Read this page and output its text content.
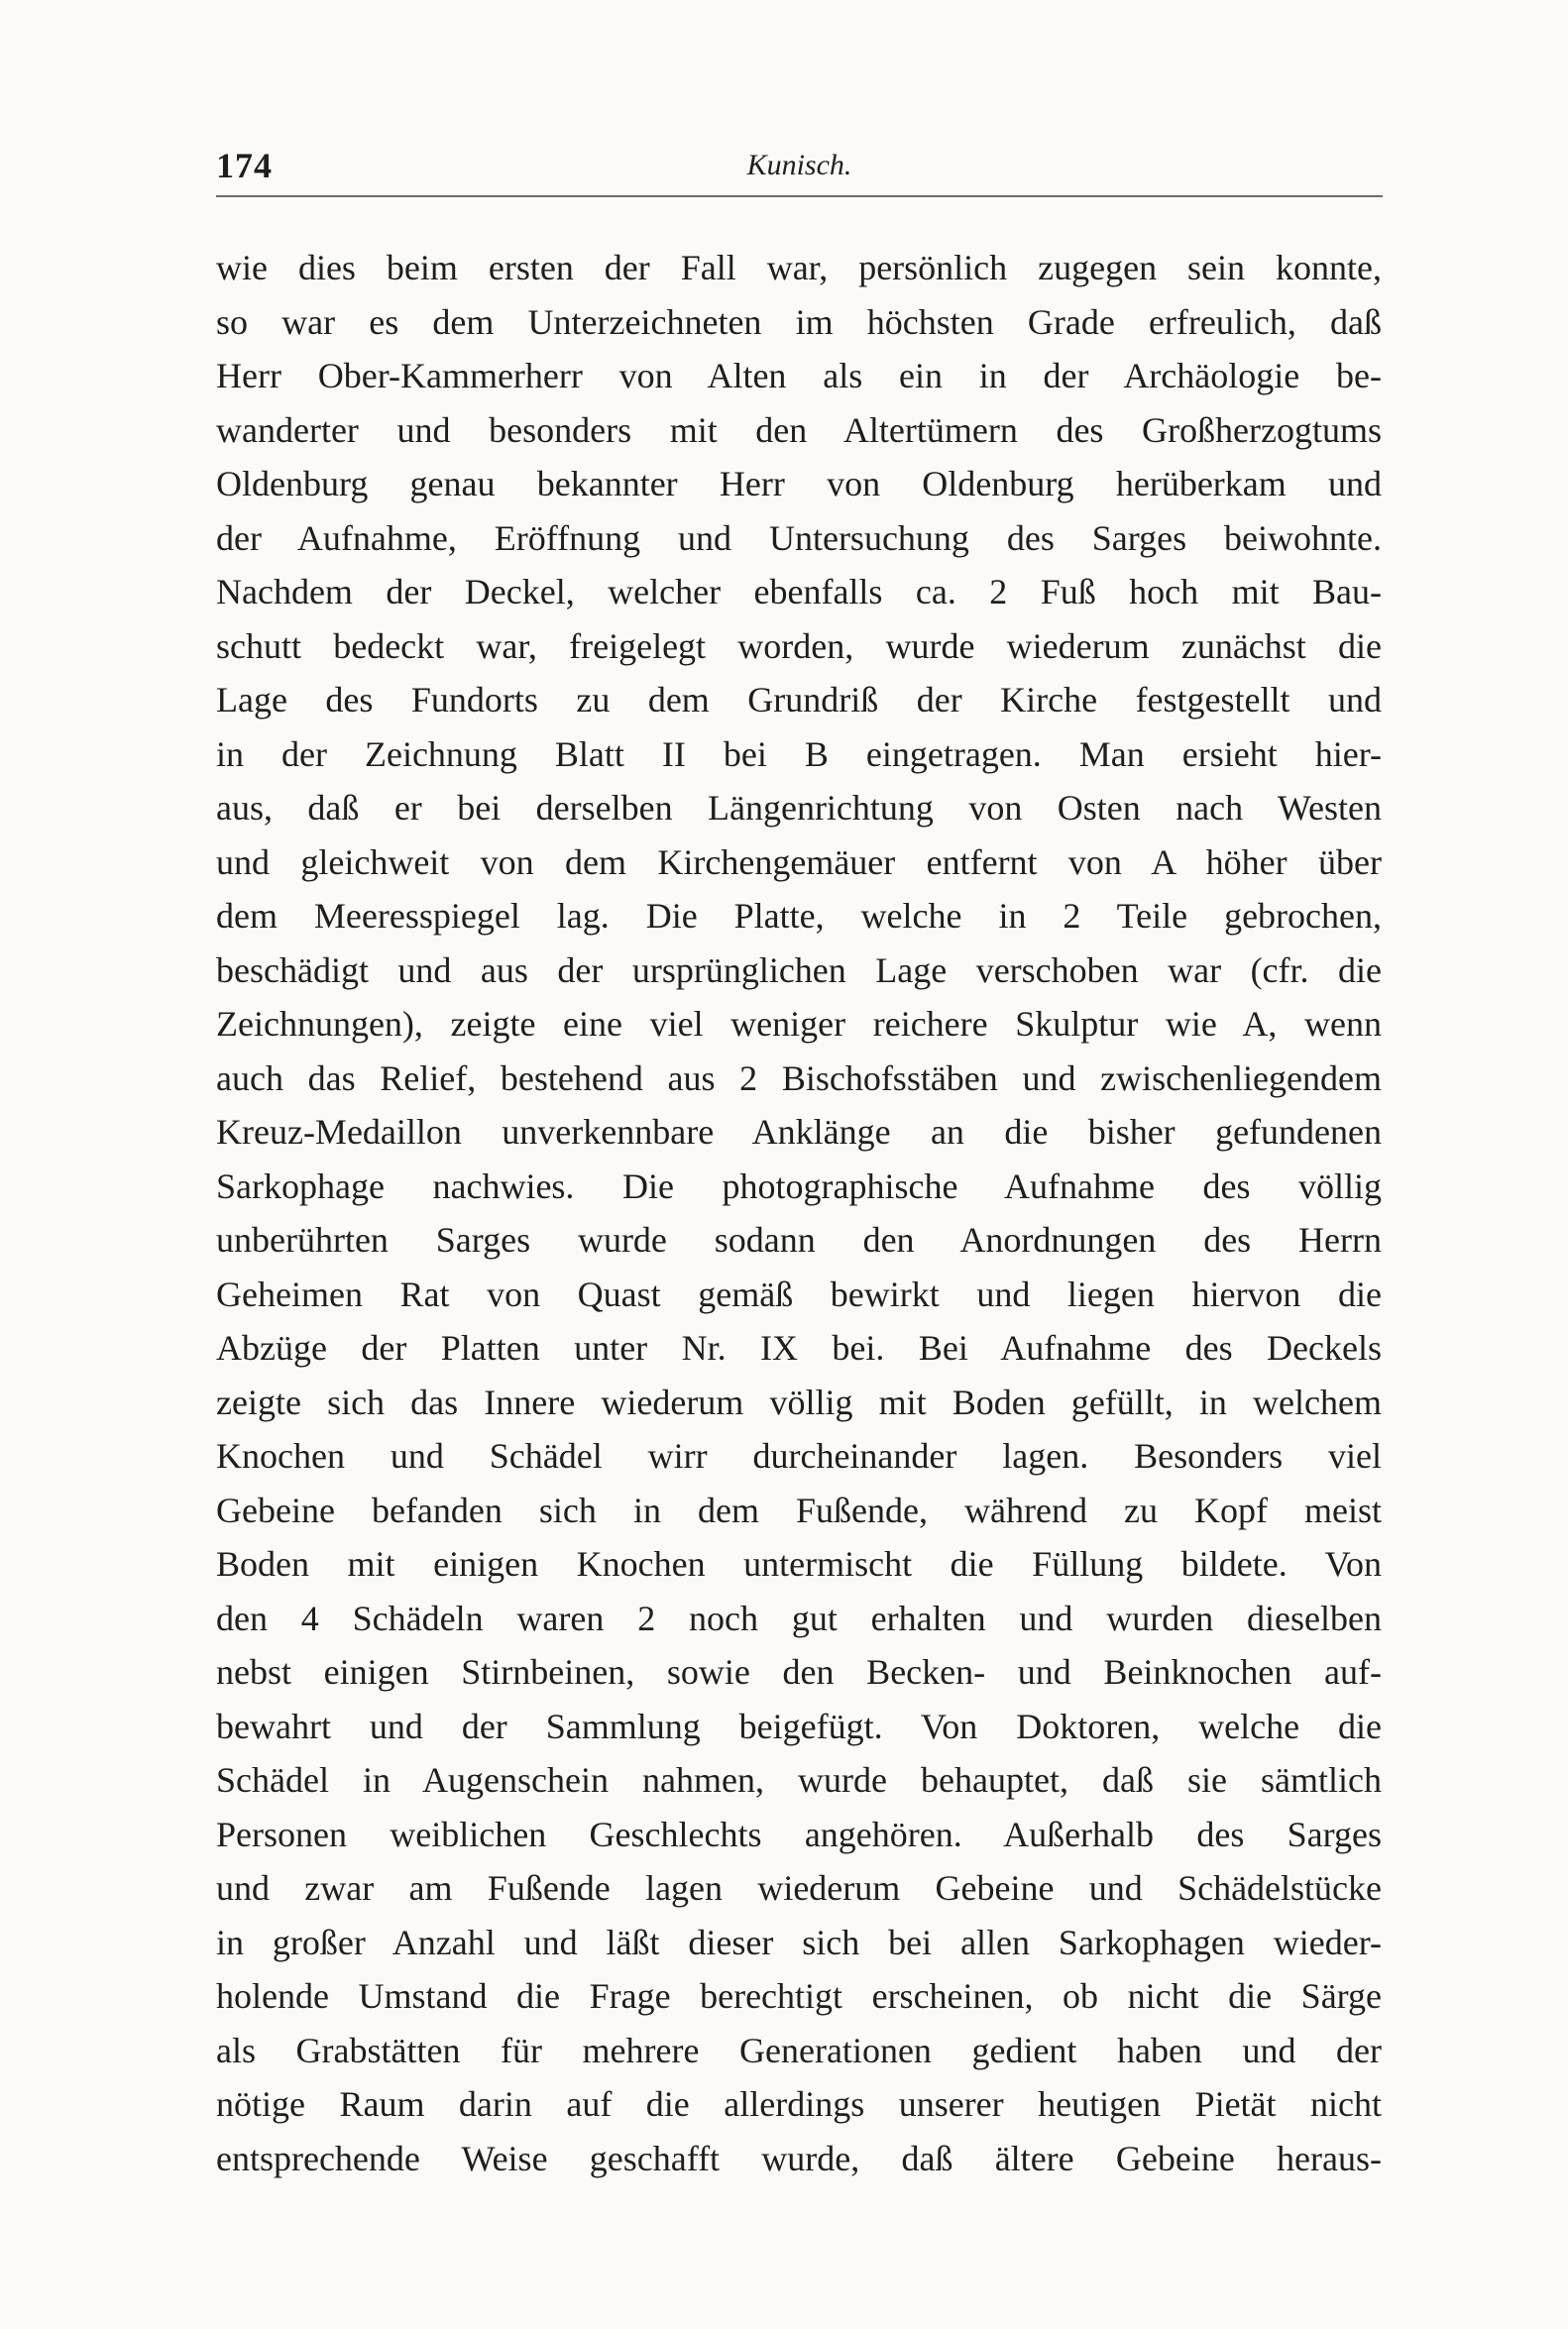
174	Kunisch.
wie dies beim ersten der Fall war, persönlich zugegen sein konnte,
so war es dem Unterzeichneten im höchsten Grade erfreulich, daß
Herr Ober-Kammerherr von Alten als ein in der Archäologie be-
wanderter und besonders mit den Altertümern des Großherzogtums
Oldenburg genau bekannter Herr von Oldenburg herüberkam und
der Aufnahme, Eröffnung und Untersuchung des Sarges beiwohnte.
Nachdem der Deckel, welcher ebenfalls ca. 2 Fuß hoch mit Bau-
schutt bedeckt war, freigelegt worden, wurde wiederum zunächst die
Lage des Fundorts zu dem Grundriß der Kirche festgestellt und
in der Zeichnung Blatt II bei B eingetragen. Man ersieht hier-
aus, daß er bei derselben Längenrichtung von Osten nach Westen
und gleichweit von dem Kirchengemäuer entfernt von A höher über
dem Meeresspiegel lag. Die Platte, welche in 2 Teile gebrochen,
beschädigt und aus der ursprünglichen Lage verschoben war (cfr. die
Zeichnungen), zeigte eine viel weniger reichere Skulptur wie A, wenn
auch das Relief, bestehend aus 2 Bischofsstäben und zwischenliegendem
Kreuz-Medaillon unverkennbare Anklänge an die bisher gefundenen
Sarkophage nachwies. Die photographische Aufnahme des völlig
unberührten Sarges wurde sodann den Anordnungen des Herrn
Geheimen Rat von Quast gemäß bewirkt und liegen hiervon die
Abzüge der Platten unter Nr. IX bei. Bei Aufnahme des Deckels
zeigte sich das Innere wiederum völlig mit Boden gefüllt, in welchem
Knochen und Schädel wirr durcheinander lagen. Besonders viel
Gebeine befanden sich in dem Fußende, während zu Kopf meist
Boden mit einigen Knochen untermischt die Füllung bildete. Von
den 4 Schädeln waren 2 noch gut erhalten und wurden dieselben
nebst einigen Stirnbeinen, sowie den Becken- und Beinknochen auf-
bewahrt und der Sammlung beigefügt. Von Doktoren, welche die
Schädel in Augenschein nahmen, wurde behauptet, daß sie sämtlich
Personen weiblichen Geschlechts angehören. Außerhalb des Sarges
und zwar am Fußende lagen wiederum Gebeine und Schädelstücke
in großer Anzahl und läßt dieser sich bei allen Sarkophagen wieder-
holende Umstand die Frage berechtigt erscheinen, ob nicht die Särge
als Grabstätten für mehrere Generationen gedient haben und der
nötige Raum darin auf die allerdings unserer heutigen Pietät nicht
entsprechende Weise geschafft wurde, daß ältere Gebeine heraus-
